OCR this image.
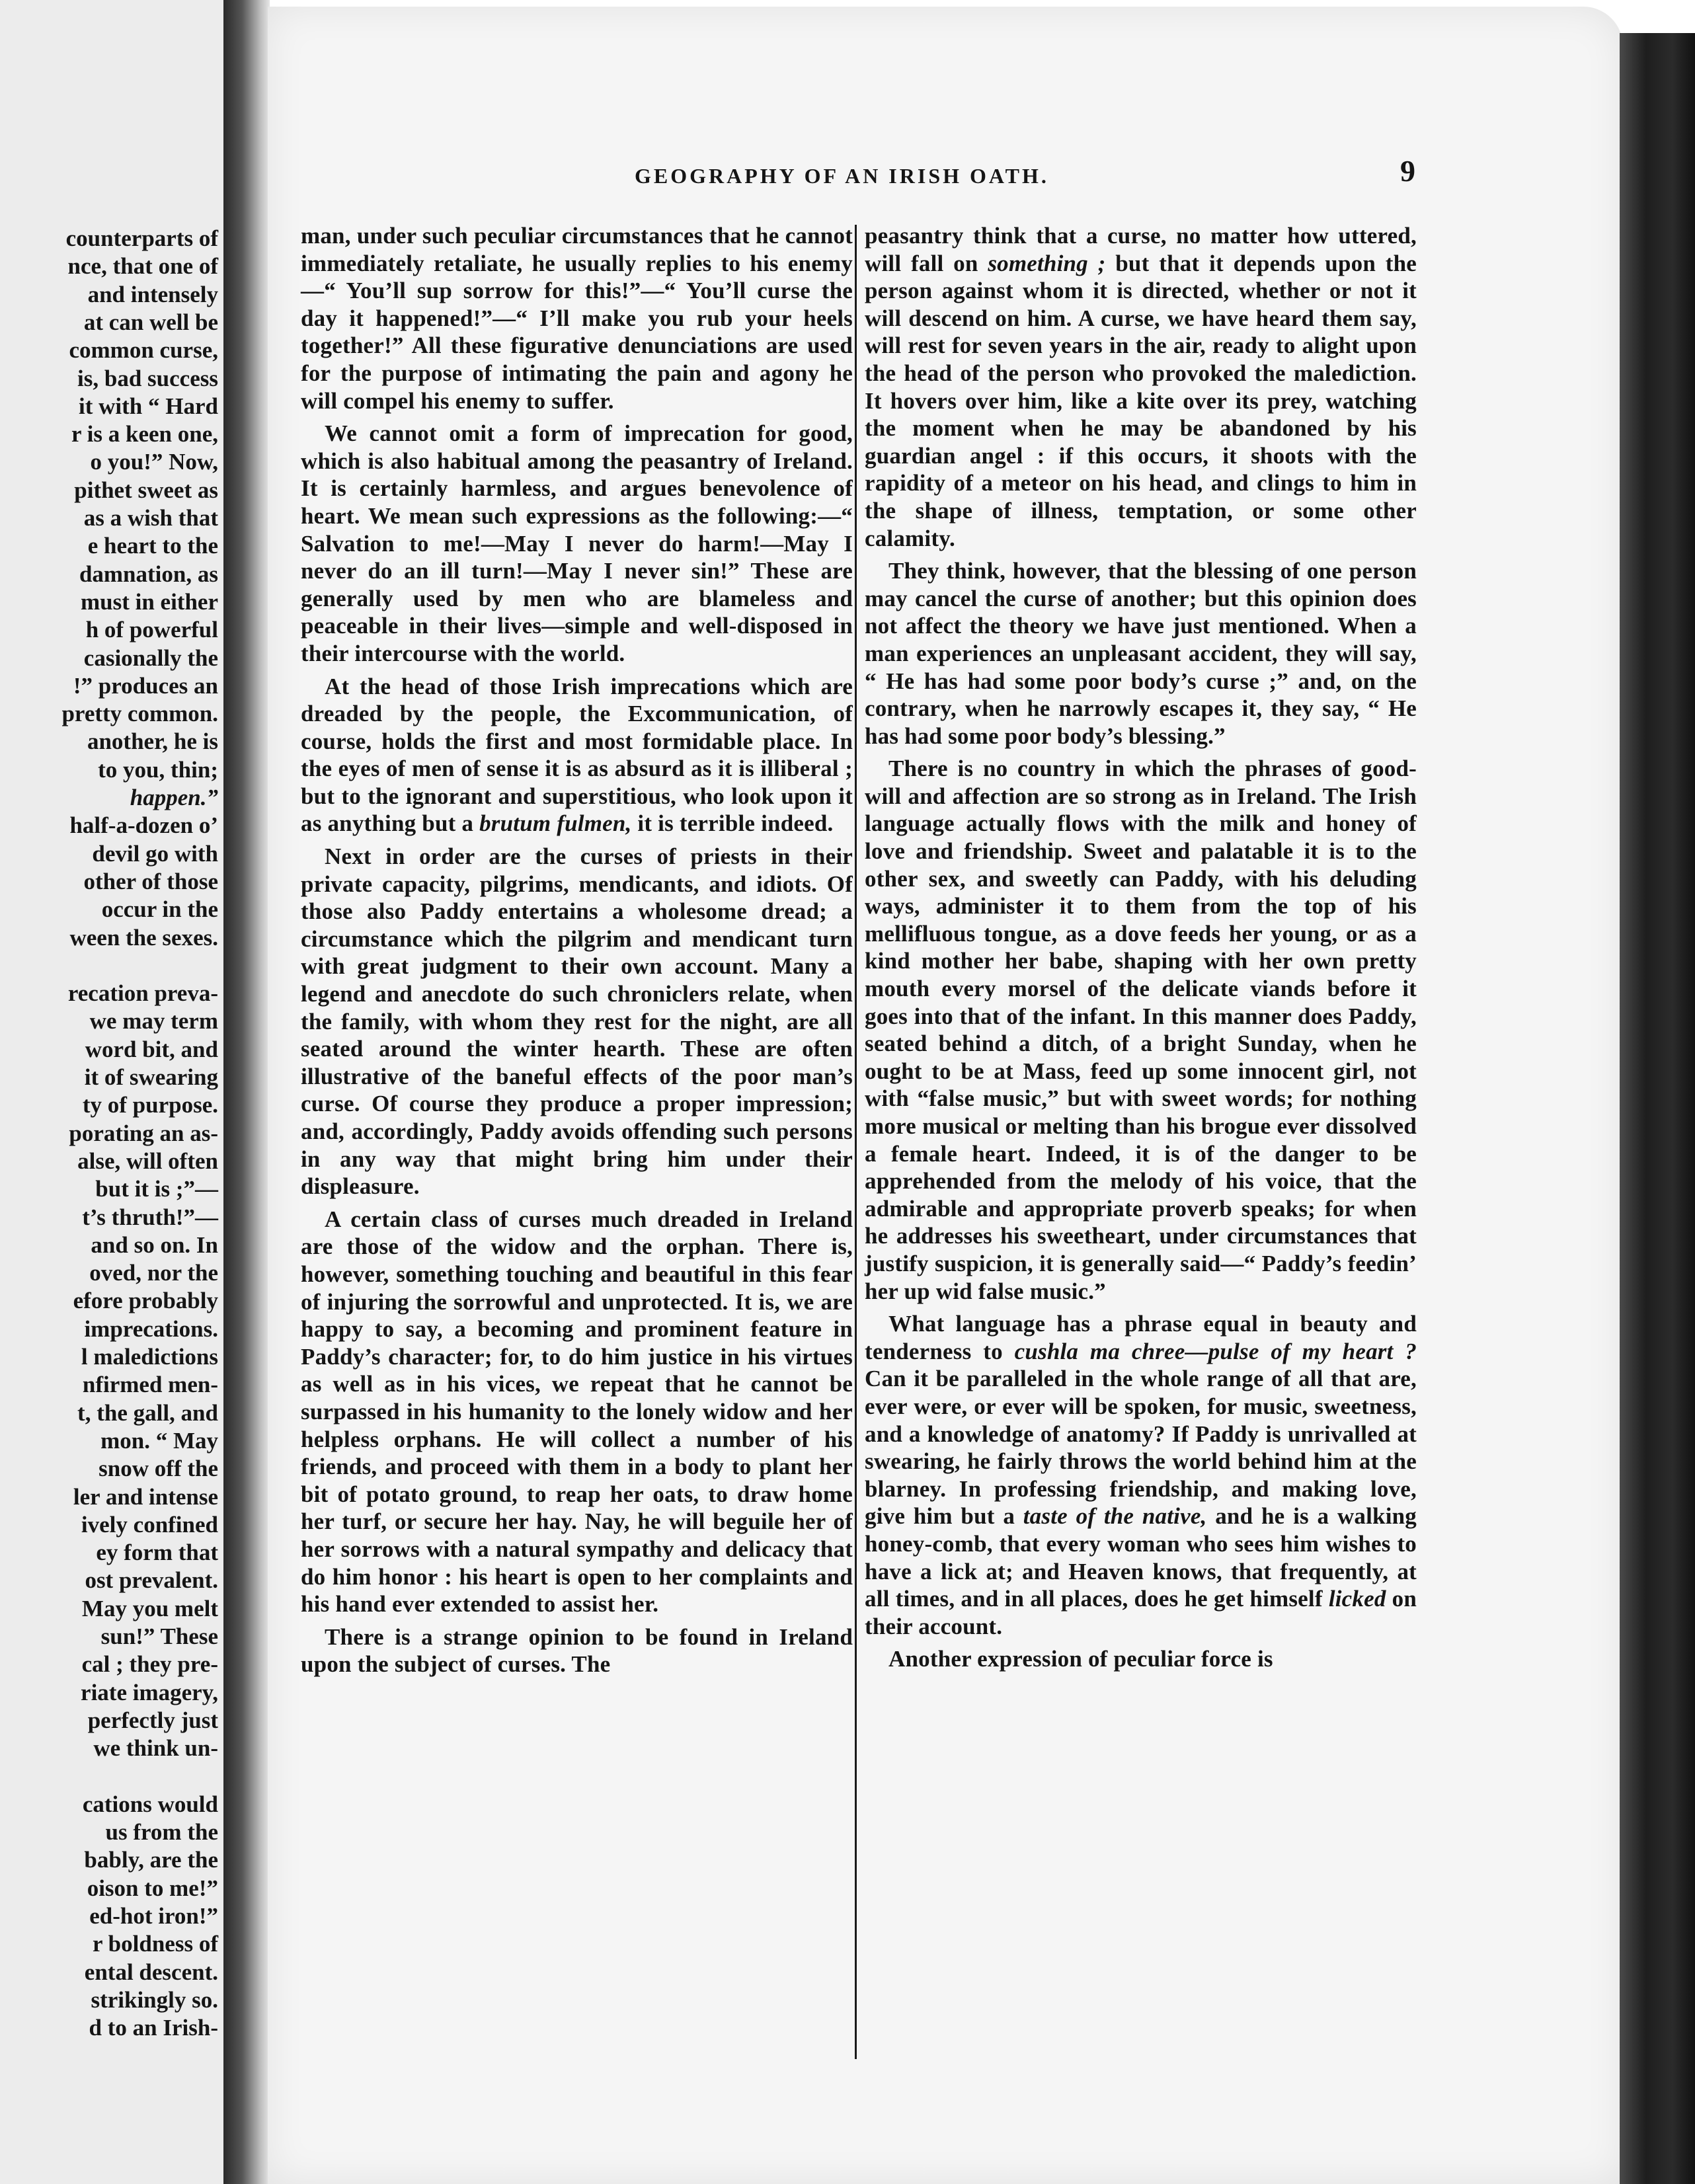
counterparts of
nce, that one of
and intensely
at can well be
common curse,
is, bad success
it with “ Hard
r is a keen one,
o you!” Now,
pithet sweet as
as a wish that
e heart to the
damnation, as
must in either
h of powerful
casionally the
!” produces an
pretty common.
another, he is
to you, thin;
happen.”
half-a-dozen o’
devil go with
other of those
occur in the
ween the sexes.
recation preva-
we may term
word bit, and
it of swearing
ty of purpose.
porating an as-
alse, will often
but it is ;”—
t’s thruth!”—
and so on. In
oved, nor the
efore probably
imprecations.
l maledictions
nfirmed men-
t, the gall, and
mon. “ May
snow off the
ler and intense
ively confined
ey form that
ost prevalent.
May you melt
sun!” These
cal ; they pre-
riate imagery,
perfectly just
we think un-
cations would
us from the
bably, are the
oison to me!”
ed-hot iron!”
r boldness of
ental descent.
strikingly so.
d to an Irish-
GEOGRAPHY OF AN IRISH OATH.	9

man, under such peculiar circumstances that he cannot immediately retaliate, he usually replies to his enemy—“ You’ll sup sorrow for this!”—“ You’ll curse the day it happened!”—“ I’ll make you rub your heels together!” All these figurative denunciations are used for the purpose of intimating the pain and agony he will compel his enemy to suffer.

We cannot omit a form of imprecation for good, which is also habitual among the peasantry of Ireland. It is certainly harmless, and argues benevolence of heart. We mean such expressions as the following:—“ Salvation to me!—May I never do harm!—May I never do an ill turn!—May I never sin!” These are generally used by men who are blameless and peaceable in their lives—simple and well-disposed in their intercourse with the world.

At the head of those Irish imprecations which are dreaded by the people, the Excommunication, of course, holds the first and most formidable place. In the eyes of men of sense it is as absurd as it is illiberal ; but to the ignorant and superstitious, who look upon it as anything but a brutum fulmen, it is terrible indeed.

Next in order are the curses of priests in their private capacity, pilgrims, mendicants, and idiots. Of those also Paddy entertains a wholesome dread; a circumstance which the pilgrim and mendicant turn with great judgment to their own account. Many a legend and anecdote do such chroniclers relate, when the family, with whom they rest for the night, are all seated around the winter hearth. These are often illustrative of the baneful effects of the poor man’s curse. Of course they produce a proper impression; and, accordingly, Paddy avoids offending such persons in any way that might bring him under their displeasure.

A certain class of curses much dreaded in Ireland are those of the widow and the orphan. There is, however, something touching and beautiful in this fear of injuring the sorrowful and unprotected. It is, we are happy to say, a becoming and prominent feature in Paddy’s character; for, to do him justice in his virtues as well as in his vices, we repeat that he cannot be surpassed in his humanity to the lonely widow and her helpless orphans. He will collect a number of his friends, and proceed with them in a body to plant her bit of potato ground, to reap her oats, to draw home her turf, or secure her hay. Nay, he will beguile her of her sorrows with a natural sympathy and delicacy that do him honor : his heart is open to her complaints and his hand ever extended to assist her.

There is a strange opinion to be found in Ireland upon the subject of curses. The

peasantry think that a curse, no matter how uttered, will fall on something ; but that it depends upon the person against whom it is directed, whether or not it will descend on him. A curse, we have heard them say, will rest for seven years in the air, ready to alight upon the head of the person who provoked the malediction. It hovers over him, like a kite over its prey, watching the moment when he may be abandoned by his guardian angel : if this occurs, it shoots with the rapidity of a meteor on his head, and clings to him in the shape of illness, temptation, or some other calamity.

They think, however, that the blessing of one person may cancel the curse of another; but this opinion does not affect the theory we have just mentioned. When a man experiences an unpleasant accident, they will say, “ He has had some poor body’s curse ;” and, on the contrary, when he narrowly escapes it, they say, “ He has had some poor body’s blessing.”

There is no country in which the phrases of good-will and affection are so strong as in Ireland. The Irish language actually flows with the milk and honey of love and friendship. Sweet and palatable it is to the other sex, and sweetly can Paddy, with his deluding ways, administer it to them from the top of his mellifluous tongue, as a dove feeds her young, or as a kind mother her babe, shaping with her own pretty mouth every morsel of the delicate viands before it goes into that of the infant. In this manner does Paddy, seated behind a ditch, of a bright Sunday, when he ought to be at Mass, feed up some innocent girl, not with “false music,” but with sweet words; for nothing more musical or melting than his brogue ever dissolved a female heart. Indeed, it is of the danger to be apprehended from the melody of his voice, that the admirable and appropriate proverb speaks; for when he addresses his sweetheart, under circumstances that justify suspicion, it is generally said—“ Paddy’s feedin’ her up wid false music.”

What language has a phrase equal in beauty and tenderness to cushla ma chree—pulse of my heart ? Can it be paralleled in the whole range of all that are, ever were, or ever will be spoken, for music, sweetness, and a knowledge of anatomy? If Paddy is unrivalled at swearing, he fairly throws the world behind him at the blarney. In professing friendship, and making love, give him but a taste of the native, and he is a walking honey-comb, that every woman who sees him wishes to have a lick at; and Heaven knows, that frequently, at all times, and in all places, does he get himself licked on their account.

Another expression of peculiar force is
